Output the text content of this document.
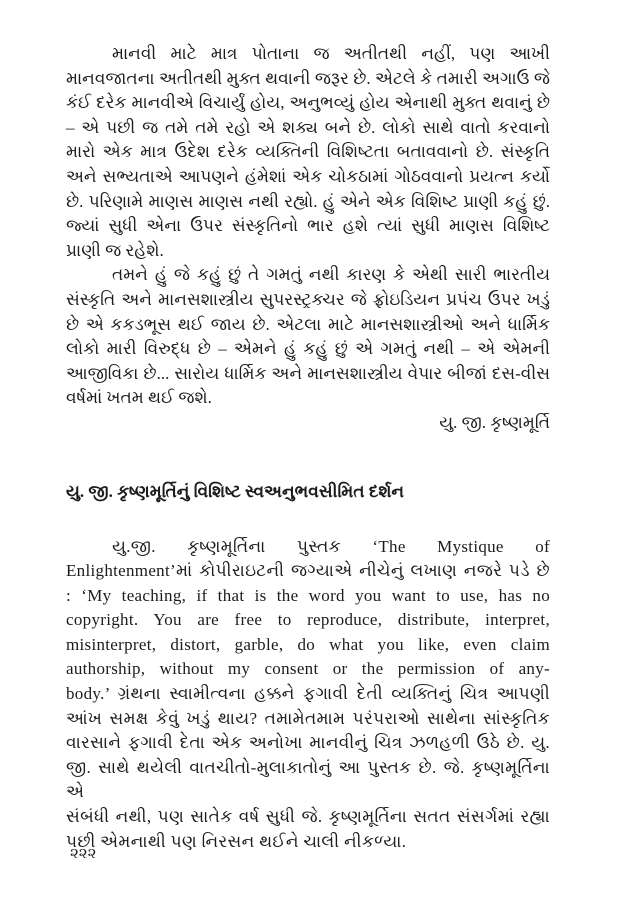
માનવી માટે માત્ર પોતાના જ અતીતથી નહીં, પણ આખી
માનવજાતના અતીતથી મુક્ત થવાની જરૂર છે. એટલે કે તમારી અગાઉ જે
કંઈ દરેક માનવીએ વિચાર્યું હોય, અનુભવ્યું હોય એનાથી મુક્ત થવાનું છે
– એ પછી જ તમે તમે રહો એ શક્ય બને છે. લોકો સાથે વાતો કરવાનો
મારો એક માત્ર ઉદેશ દરેક વ્યક્તિની વિશિષ્ટતા બતાવવાનો છે. સંસ્કૃતિ
અને સભ્યતાએ આપણને હંમેશાં એક ચોકઠામાં ગોઠવવાનો પ્રયત્ન કર્યો
છે. પરિણામે માણસ માણસ નથી રહ્યો. હું એને એક વિશિષ્ટ પ્રાણી કહું છું.
જ્યાં સુધી એના ઉપર સંસ્કૃતિનો ભાર હશે ત્યાં સુધી માણસ વિશિષ્ટ
પ્રાણી જ રહેશે.
તમને હું જે કહું છું તે ગમતું નથી કારણ કે એથી સારી ભારતીય
સંસ્કૃતિ અને માનસશાસ્ત્રીય સુપરસ્ટ્રક્ચર જે ફ્રોઇડિયન પ્રપંચ ઉપર ખડું
છે એ કકડભૂસ થઈ જાય છે. એટલા માટે માનસશાસ્ત્રીઓ અને ધાર્મિક
લોકો મારી વિરુદ્ધ છે – એમને હું કહું છું એ ગમતું નથી – એ એમની
આજીવિકા છે... સારોય ધાર્મિક અને માનસશાસ્ત્રીય વેપાર બીજાં દસ-વીસ
વર્ષમાં ખતમ થઈ જશે.
યુ. જી. કૃષ્ણમૂર્તિ
યુ. જી. કૃષ્ણમૂર્તિનું વિશિષ્ટ સ્વઅનુભવસીમિત દર્શન
યુ.જી. કૃષ્ણમૂર્તિના પુસ્તક ‘The Mystique of
Enlightenment’માં કોપીરાઇટની જગ્યાએ નીચેનું લખાણ નજરે પડે છે
: ‘My teaching, if that is the word you want to use, has no
copyright. You are free to reproduce, distribute, interpret,
misinterpret, distort, garble, do what you like, even claim
authorship, without my consent or the permission of any-
body.’ ગ્રંથના સ્વામીત્વના હક્કને ફગાવી દેતી વ્યક્તિનું ચિત્ર આપણી
આંખ સમક્ષ કેવું ખડું થાય? તમામેતમામ પરંપરાઓ સાથેના સાંસ્કૃતિક
વારસાને ફગાવી દેતા એક અનોખા માનવીનું ચિત્ર ઝળહળી ઉઠે છે. યુ.
જી. સાથે થયેલી વાતચીતો-મુલાકાતોનું આ પુસ્તક છે. જે. કૃષ્ણમૂર્તિના એ
સંબંધી નથી, પણ સાતેક વર્ષ સુધી જે. કૃષ્ણમૂર્તિના સતત સંસર્ગમાં રહ્યા
પછી એમનાથી પણ નિરસન થઈને ચાલી નીકળ્યા.
૨૨૨
